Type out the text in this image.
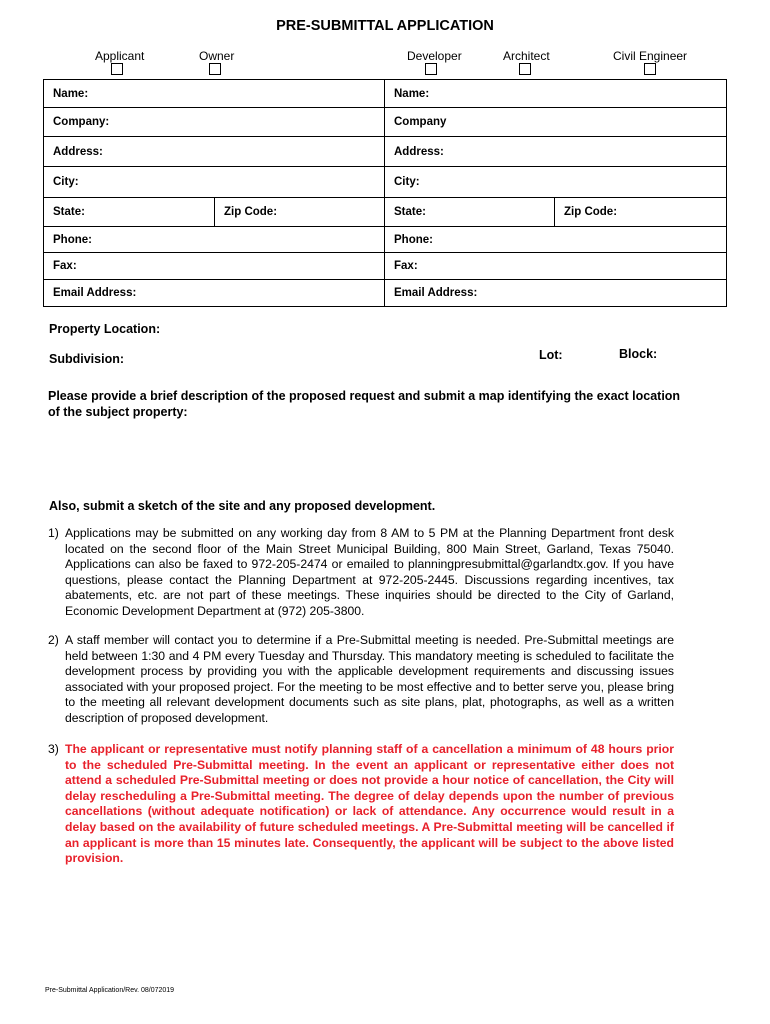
PRE-SUBMITTAL APPLICATION
Applicant	Owner	Developer	Architect	Civil Engineer
Name:	Name:
Company:	Company
Address:	Address:
City:	City:
State:	Zip Code:	State:	Zip Code:
Phone:	Phone:
Fax:	Fax:
Email Address:	Email Address:
Property Location:
Subdivision:	Lot:	Block:
Please provide a brief description of the proposed request and submit a map identifying the exact location of the subject property:
Also, submit a sketch of the site and any proposed development.
1) Applications may be submitted on any working day from 8 AM to 5 PM at the Planning Department front desk located on the second floor of the Main Street Municipal Building, 800 Main Street, Garland, Texas 75040. Applications can also be faxed to 972-205-2474 or emailed to planningpresubmittal@garlandtx.gov. If you have questions, please contact the Planning Department at 972-205-2445. Discussions regarding incentives, tax abatements, etc. are not part of these meetings. These inquiries should be directed to the City of Garland, Economic Development Department at (972) 205-3800.
2) A staff member will contact you to determine if a Pre-Submittal meeting is needed. Pre-Submittal meetings are held between 1:30 and 4 PM every Tuesday and Thursday. This mandatory meeting is scheduled to facilitate the development process by providing you with the applicable development requirements and discussing issues associated with your proposed project. For the meeting to be most effective and to better serve you, please bring to the meeting all relevant development documents such as site plans, plat, photographs, as well as a written description of proposed development.
3) The applicant or representative must notify planning staff of a cancellation a minimum of 48 hours prior to the scheduled Pre-Submittal meeting. In the event an applicant or representative either does not attend a scheduled Pre-Submittal meeting or does not provide a hour notice of cancellation, the City will delay rescheduling a Pre-Submittal meeting. The degree of delay depends upon the number of previous cancellations (without adequate notification) or lack of attendance. Any occurrence would result in a delay based on the availability of future scheduled meetings. A Pre-Submittal meeting will be cancelled if an applicant is more than 15 minutes late. Consequently, the applicant will be subject to the above listed provision.
Pre-Submittal Application/Rev. 08/072019
